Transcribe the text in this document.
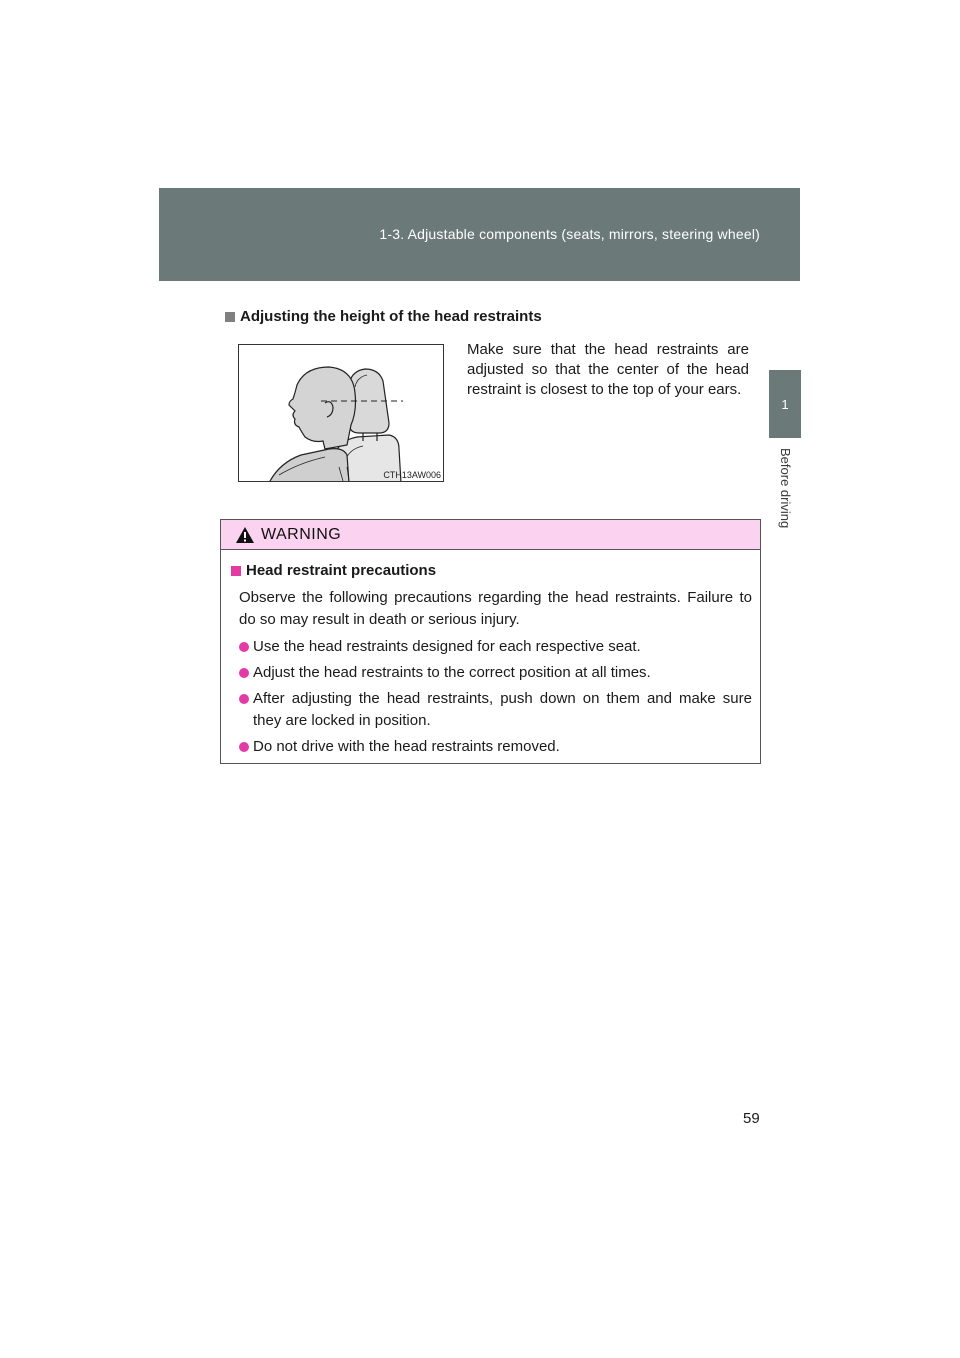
1-3. Adjustable components (seats, mirrors, steering wheel)
1
Before driving
Adjusting the height of the head restraints
CTH13AW006
Make sure that the head restraints are adjusted so that the center of the head restraint is closest to the top of your ears.
WARNING
Head restraint precautions
Observe the following precautions regarding the head restraints. Failure to do so may result in death or serious injury.
Use the head restraints designed for each respective seat.
Adjust the head restraints to the correct position at all times.
After adjusting the head restraints, push down on them and make sure they are locked in position.
Do not drive with the head restraints removed.
59
